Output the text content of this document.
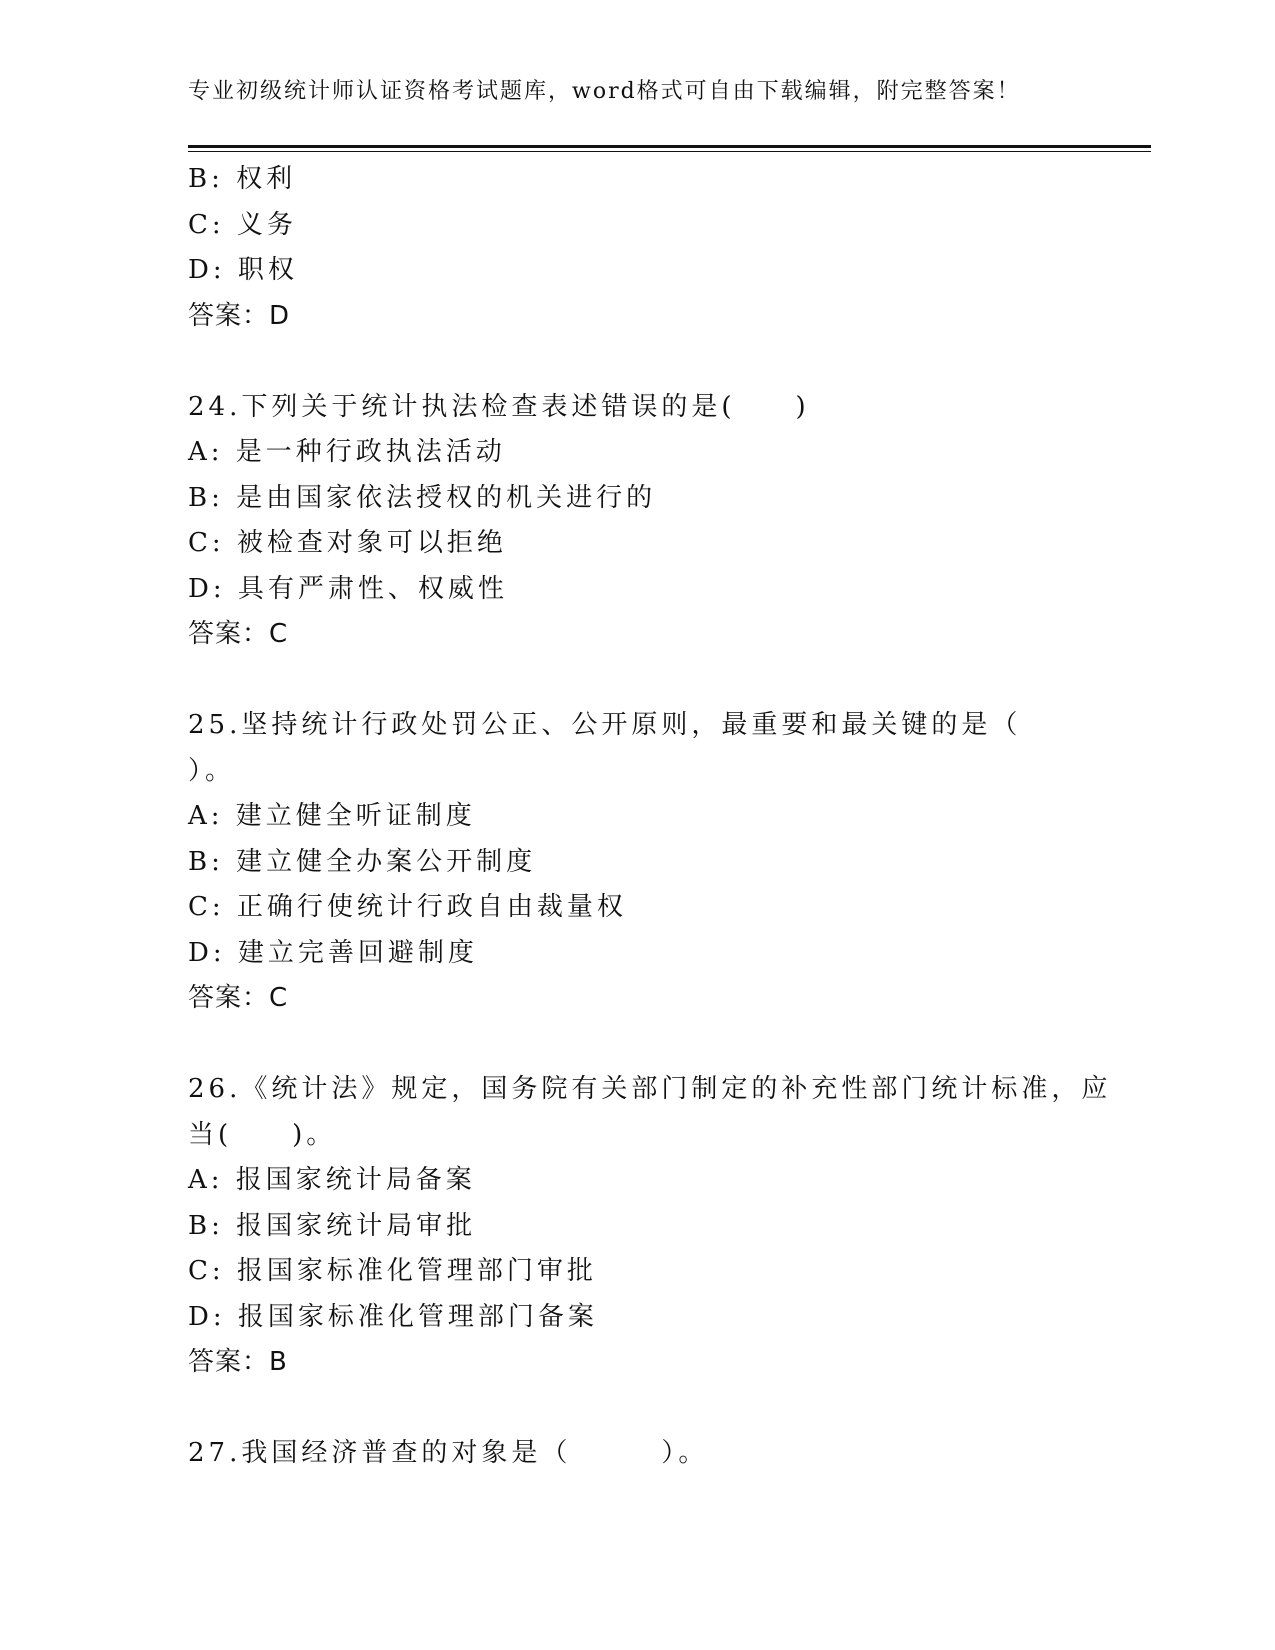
专业初级统计师认证资格考试题库，word格式可自由下载编辑，附完整答案！
B: 权利
C: 义务
D: 职权
答案：D
24.下列关于统计执法检查表述错误的是(　　)
A: 是一种行政执法活动
B: 是由国家依法授权的机关进行的
C: 被检查对象可以拒绝
D: 具有严肃性、权威性
答案：C
25.坚持统计行政处罚公正、公开原则，最重要和最关键的是（
）。
A: 建立健全听证制度
B: 建立健全办案公开制度
C: 正确行使统计行政自由裁量权
D: 建立完善回避制度
答案：C
26.《统计法》规定，国务院有关部门制定的补充性部门统计标准，应
当(　　)。
A: 报国家统计局备案
B: 报国家统计局审批
C: 报国家标准化管理部门审批
D: 报国家标准化管理部门备案
答案：B
27.我国经济普查的对象是（　　　）。
